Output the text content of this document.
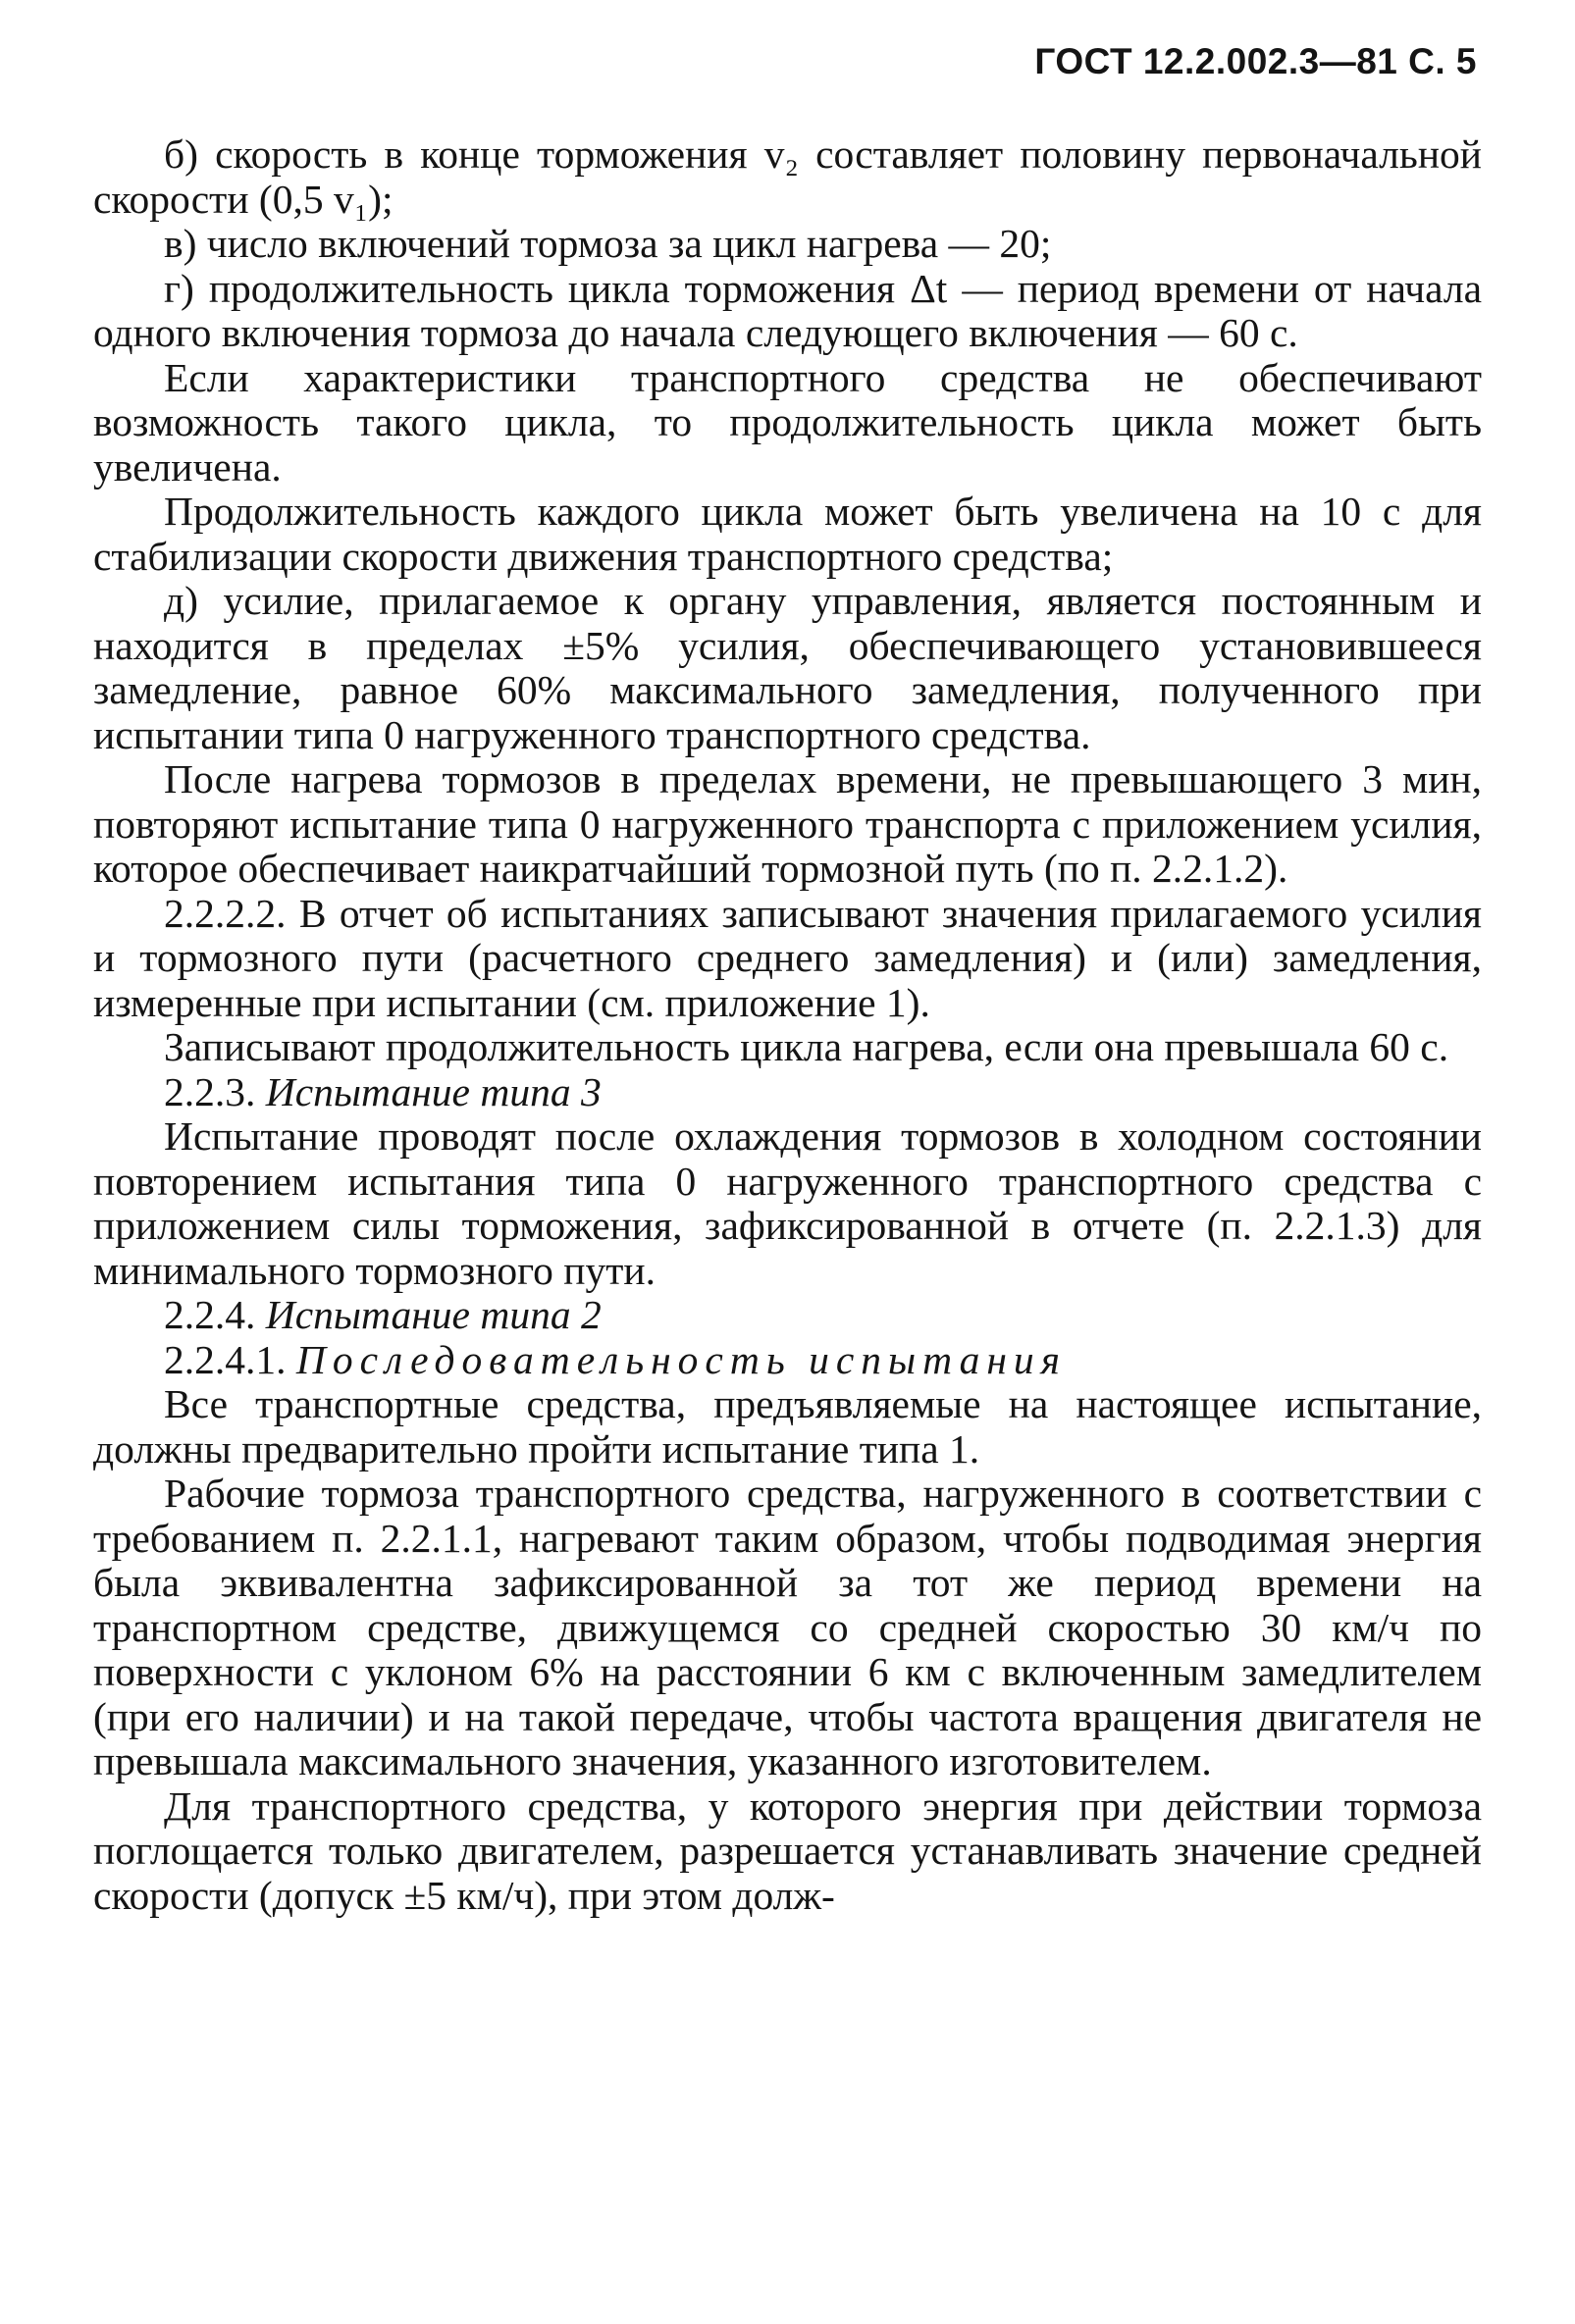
ГОСТ 12.2.002.3—81 С. 5

б) скорость в конце торможения v₂ составляет половину первоначальной скорости (0,5 v₁);

в) число включений тормоза за цикл нагрева — 20;

г) продолжительность цикла торможения Δt — период времени от начала одного включения тормоза до начала следующего включения — 60 с.

Если характеристики транспортного средства не обеспечивают возможность такого цикла, то продолжительность цикла может быть увеличена.

Продолжительность каждого цикла может быть увеличена на 10 с для стабилизации скорости движения транспортного средства;

д) усилие, прилагаемое к органу управления, является постоянным и находится в пределах ±5% усилия, обеспечивающего установившееся замедление, равное 60% максимального замедления, полученного при испытании типа 0 нагруженного транспортного средства.

После нагрева тормозов в пределах времени, не превышающего 3 мин, повторяют испытание типа 0 нагруженного транспорта с приложением усилия, которое обеспечивает наикратчайший тормозной путь (по п. 2.2.1.2).

2.2.2.2. В отчет об испытаниях записывают значения прилагаемого усилия и тормозного пути (расчетного среднего замедления) и (или) замедления, измеренные при испытании (см. приложение 1).

Записывают продолжительность цикла нагрева, если она превышала 60 с.

2.2.3. Испытание типа 3

Испытание проводят после охлаждения тормозов в холодном состоянии повторением испытания типа 0 нагруженного транспортного средства с приложением силы торможения, зафиксированной в отчете (п. 2.2.1.3) для минимального тормозного пути.

2.2.4. Испытание типа 2

2.2.4.1. Последовательность испытания

Все транспортные средства, предъявляемые на настоящее испытание, должны предварительно пройти испытание типа 1.

Рабочие тормоза транспортного средства, нагруженного в соответствии с требованием п. 2.2.1.1, нагревают таким образом, чтобы подводимая энергия была эквивалентна зафиксированной за тот же период времени на транспортном средстве, движущемся со средней скоростью 30 км/ч по поверхности с уклоном 6% на расстоянии 6 км с включенным замедлителем (при его наличии) и на такой передаче, чтобы частота вращения двигателя не превышала максимального значения, указанного изготовителем.

Для транспортного средства, у которого энергия при действии тормоза поглощается только двигателем, разрешается устанавливать значение средней скорости (допуск ±5 км/ч), при этом долж-
